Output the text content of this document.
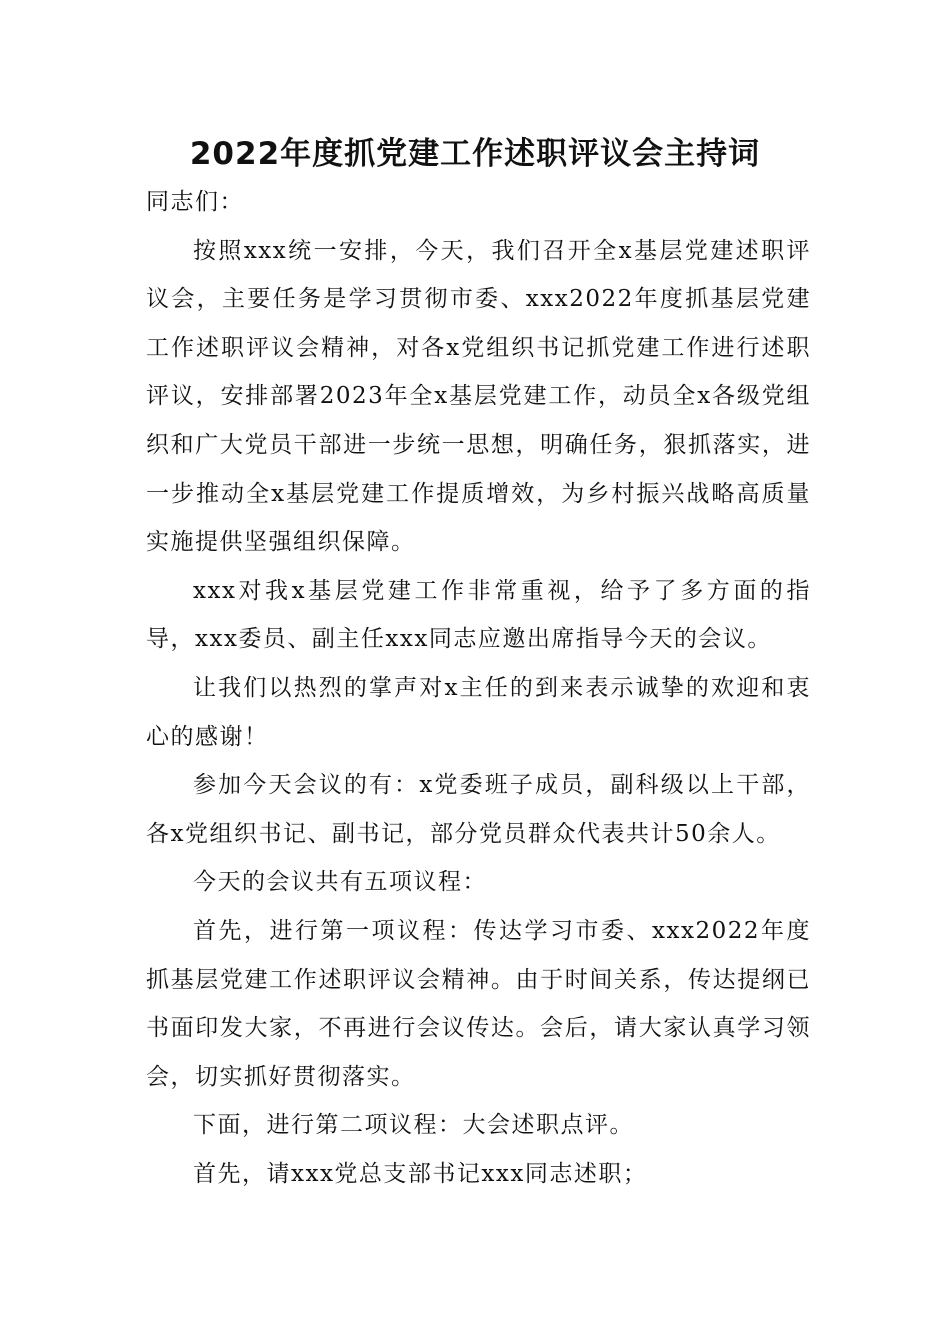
2022年度抓党建工作述职评议会主持词

同志们：

按照xxx统一安排，今天，我们召开全x基层党建述职评议会，主要任务是学习贯彻市委、xxx2022年度抓基层党建工作述职评议会精神，对各x党组织书记抓党建工作进行述职评议，安排部署2023年全x基层党建工作，动员全x各级党组织和广大党员干部进一步统一思想，明确任务，狠抓落实，进一步推动全x基层党建工作提质增效，为乡村振兴战略高质量实施提供坚强组织保障。

xxx对我x基层党建工作非常重视，给予了多方面的指导，xxx委员、副主任xxx同志应邀出席指导今天的会议。

让我们以热烈的掌声对x主任的到来表示诚挚的欢迎和衷心的感谢！

参加今天会议的有：x党委班子成员，副科级以上干部，各x党组织书记、副书记，部分党员群众代表共计50余人。

今天的会议共有五项议程：

首先，进行第一项议程：传达学习市委、xxx2022年度抓基层党建工作述职评议会精神。由于时间关系，传达提纲已书面印发大家，不再进行会议传达。会后，请大家认真学习领会，切实抓好贯彻落实。

下面，进行第二项议程：大会述职点评。

首先，请xxx党总支部书记xxx同志述职；
